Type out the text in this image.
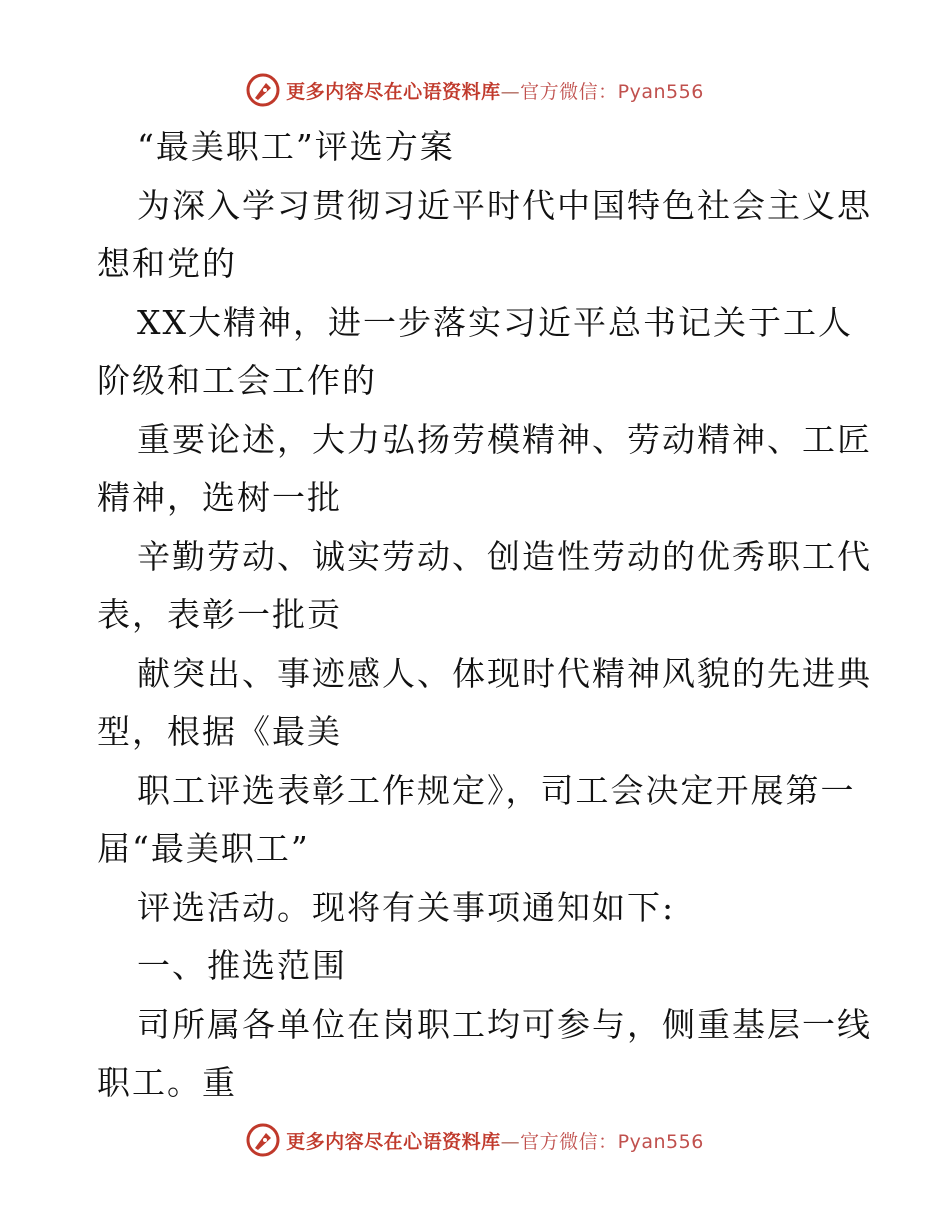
更多内容尽在心语资料库—官方微信：Pyan556
“最美职工”评选方案
为深入学习贯彻习近平时代中国特色社会主义思
想和党的
XX大精神，进一步落实习近平总书记关于工人
阶级和工会工作的
重要论述，大力弘扬劳模精神、劳动精神、工匠
精神，选树一批
辛勤劳动、诚实劳动、创造性劳动的优秀职工代
表，表彰一批贡
献突出、事迹感人、体现时代精神风貌的先进典
型，根据《最美
职工评选表彰工作规定》，司工会决定开展第一
届“最美职工”
评选活动。现将有关事项通知如下:
一、推选范围
司所属各单位在岗职工均可参与，侧重基层一线
职工。重
更多内容尽在心语资料库—官方微信：Pyan556
